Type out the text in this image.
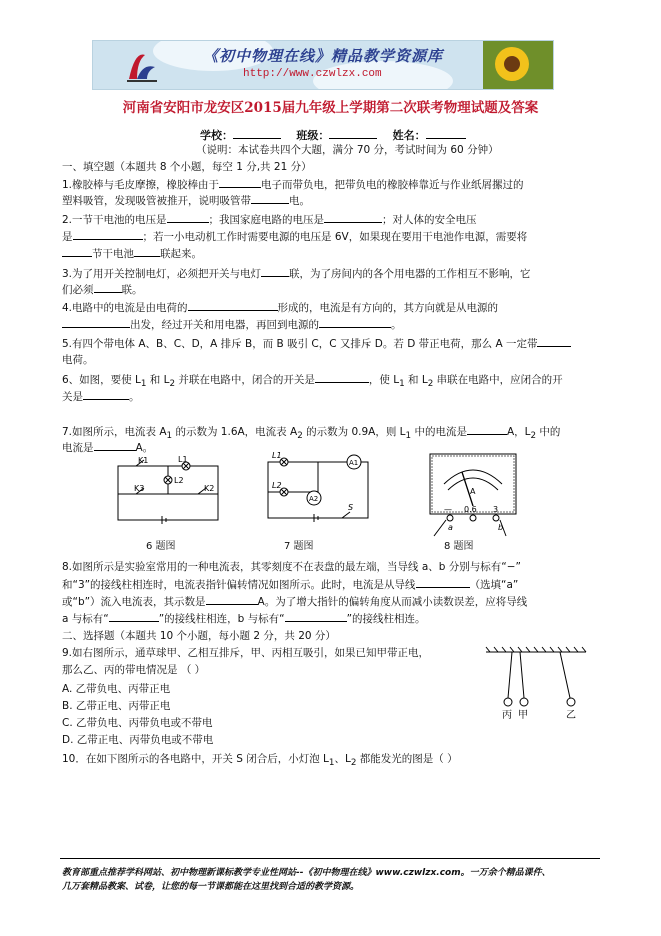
《初中物理在线》精品教学资源库
http://www.czwlzx.com
河南省安阳市龙安区2015届九年级上学期第二次联考物理试题及答案
学校：	班级：	姓名：
（说明：本试卷共四个大题，满分 70 分，考试时间为 60 分钟）
一、填空题（本题共 8 个小题，每空 1 分,共 21 分）
1.橡胶棒与毛皮摩擦，橡胶棒由于	电子而带负电，把带负电的橡胶棒靠近与作业纸屑摞过的
塑料吸管，发现吸管被推开，说明吸管带	电。
2.一节干电池的电压是	；我国家庭电路的电压是	；对人体的安全电压
是	；若一小电动机工作时需要电源的电压是 6V，如果现在要用干电池作电源，需要将
节干电池 联起来。
3.为了用开关控制电灯，必须把开关与电灯	联，为了房间内的各个用电器的工作相互不影响，它
们必须	联。
4.电路中的电流是由电荷的	形成的，电流是有方向的，其方向就是从电源的
出发，经过开关和用电器，再回到电源的	。
5.有四个带电体 A、B、C、D，A 排斥 B，而 B 吸引 C，C 又排斥 D。若 D 带正电荷，那么 A 一定带
电荷。
6、如图，要使 $L_1$ 和 $L_2$ 并联在电路中，闭合的开关是	，使 $L_1$ 和 $L_2$ 串联在电路中，应闭合的开
关是	。
7.如图所示，电流表 $A_1$ 的示数为 1.6A，电流表 $A_2$ 的示数为 0.9A，则 $L_1$ 中的电流是	A，$L_2$ 中的
电流是	A。
K1	L1
K3
L2
K2
6 题图
L1
L2
A1
A2
S
7 题图
A
— 0.6 3
a	b
8 题图
8.如图所示是实验室常用的一种电流表，其零刻度不在表盘的最左端，当导线 a、b 分别与标有“−”
和“3”的接线柱相连时，电流表指针偏转情况如图所示。此时，电流是从导线	（选填“a”
或“b”）流入电流表，其示数是	A。为了增大指针的偏转角度从而减小读数误差，应将导线
a 与标有“	”的接线柱相连，b 与标有“	”的接线柱相连。
二、选择题（本题共 10 个小题，每小题 2 分，共 20 分）
9.如右图所示，通草球甲、乙相互排斥，甲、丙相互吸引，如果已知甲带正电，
那么乙、丙的带电情况是 （ ）
A. 乙带负电、丙带正电
B. 乙带正电、丙带正电
C. 乙带负电、丙带负电或不带电
D. 乙带正电、丙带负电或不带电
丙 甲	乙
10．在如下图所示的各电路中，开关 S 闭合后，小灯泡 $L_1$、$L_2$ 都能发光的图是（ ）
教育部重点推荐学科网站、初中物理新课标教学专业性网站--《初中物理在线》www.czwlzx.com。一万余个精品课件、
几万套精品教案、试卷，让您的每一节课都能在这里找到合适的教学资源。
